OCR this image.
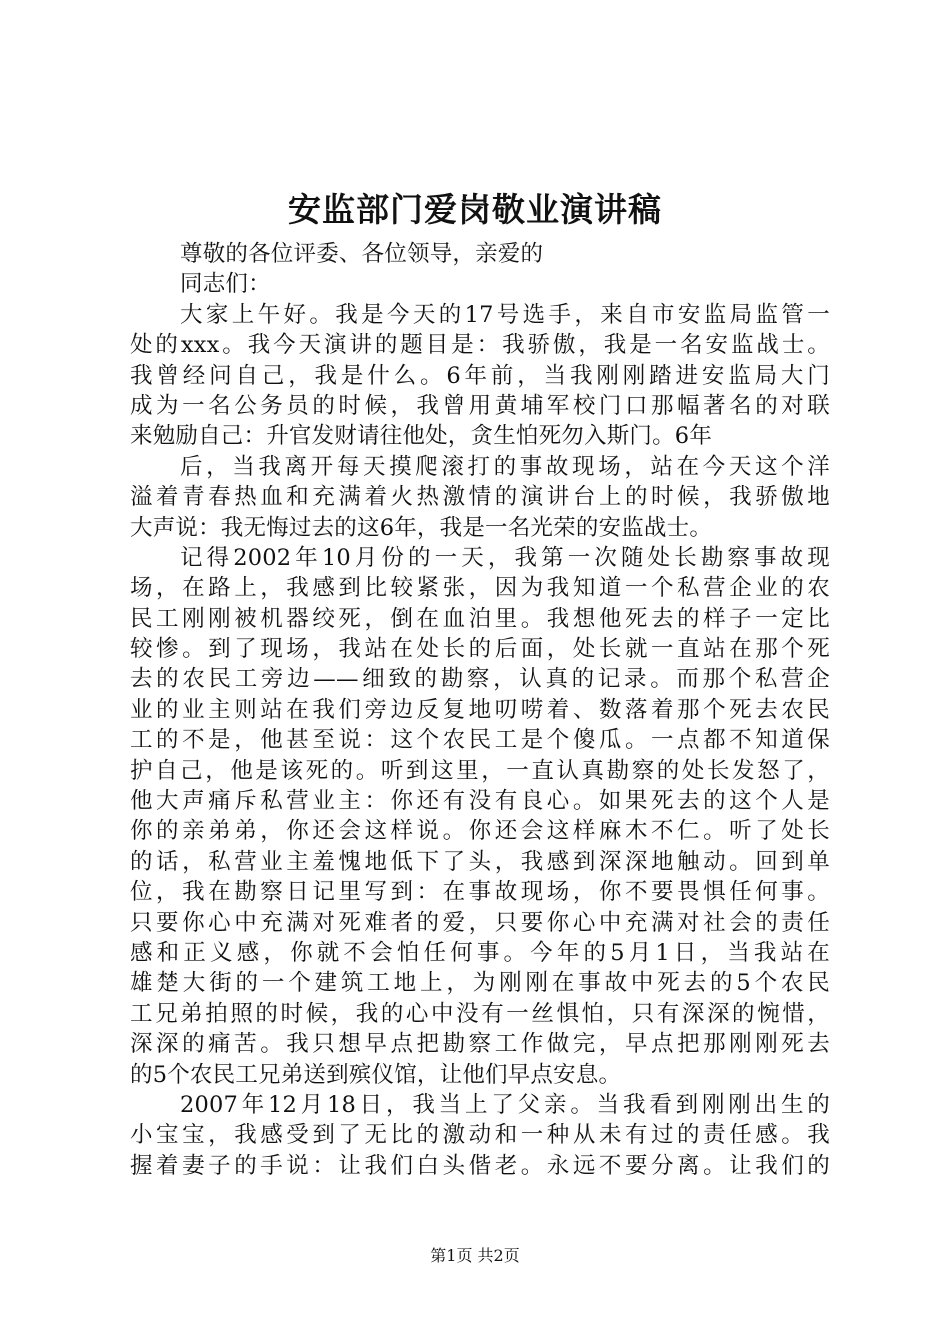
安监部门爱岗敬业演讲稿
尊敬的各位评委、各位领导，亲爱的
同志们：
大家上午好。我是今天的17号选手，来自市安监局监管一
处的xxx。我今天演讲的题目是：我骄傲，我是一名安监战士。
我曾经问自己，我是什么。6年前，当我刚刚踏进安监局大门
成为一名公务员的时候，我曾用黄埔军校门口那幅著名的对联
来勉励自己：升官发财请往他处，贪生怕死勿入斯门。6年
后，当我离开每天摸爬滚打的事故现场，站在今天这个洋
溢着青春热血和充满着火热激情的演讲台上的时候，我骄傲地
大声说：我无悔过去的这6年，我是一名光荣的安监战士。
记得2002年10月份的一天，我第一次随处长勘察事故现
场，在路上，我感到比较紧张，因为我知道一个私营企业的农
民工刚刚被机器绞死，倒在血泊里。我想他死去的样子一定比
较惨。到了现场，我站在处长的后面，处长就一直站在那个死
去的农民工旁边——细致的勘察，认真的记录。而那个私营企
业的业主则站在我们旁边反复地叨唠着、数落着那个死去农民
工的不是，他甚至说：这个农民工是个傻瓜。一点都不知道保
护自己，他是该死的。听到这里，一直认真勘察的处长发怒了，
他大声痛斥私营业主：你还有没有良心。如果死去的这个人是
你的亲弟弟，你还会这样说。你还会这样麻木不仁。听了处长
的话，私营业主羞愧地低下了头，我感到深深地触动。回到单
位，我在勘察日记里写到：在事故现场，你不要畏惧任何事。
只要你心中充满对死难者的爱，只要你心中充满对社会的责任
感和正义感，你就不会怕任何事。今年的5月1日，当我站在
雄楚大街的一个建筑工地上，为刚刚在事故中死去的5个农民
工兄弟拍照的时候，我的心中没有一丝惧怕，只有深深的惋惜，
深深的痛苦。我只想早点把勘察工作做完，早点把那刚刚死去
的5个农民工兄弟送到殡仪馆，让他们早点安息。
2007年12月18日，我当上了父亲。当我看到刚刚出生的
小宝宝，我感受到了无比的激动和一种从未有过的责任感。我
握着妻子的手说：让我们白头偕老。永远不要分离。让我们的
第1页 共2页
